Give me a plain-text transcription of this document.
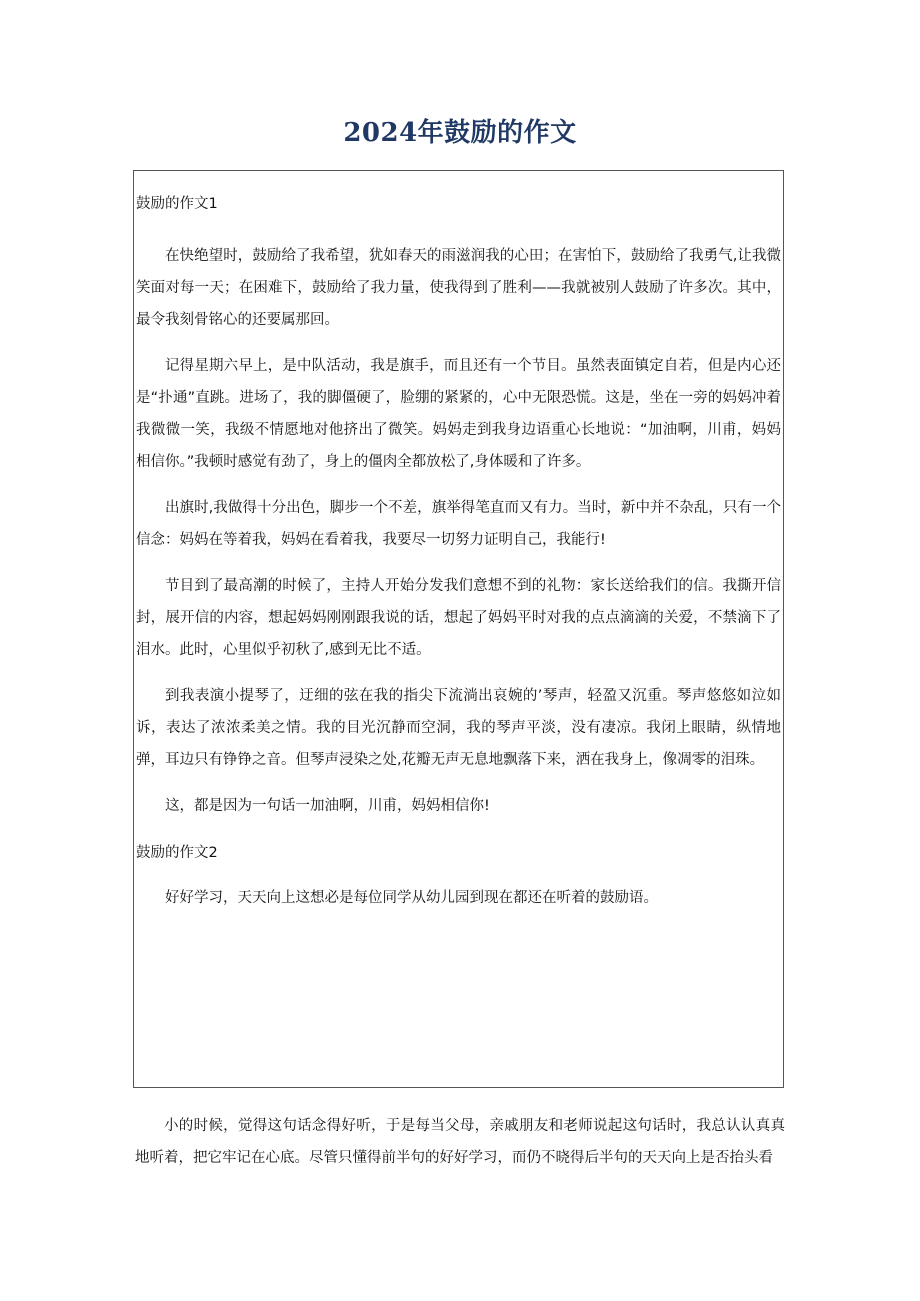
2024年鼓励的作文

鼓励的作文1

在快绝望时，鼓励给了我希望，犹如春天的雨滋润我的心田；在害怕下，鼓励给了我勇气,让我微笑面对每一天；在困难下，鼓励给了我力量，使我得到了胜利——我就被别人鼓励了许多次。其中，最令我刻骨铭心的还要属那回。

记得星期六早上，是中队活动，我是旗手，而且还有一个节目。虽然表面镇定自若，但是内心还是“扑通”直跳。进场了，我的脚僵硬了，脸绷的紧紧的，心中无限恐慌。这是，坐在一旁的妈妈冲着我微微一笑，我级不情愿地对他挤出了微笑。妈妈走到我身边语重心长地说：“加油啊，川甫，妈妈相信你。”我顿时感觉有劲了，身上的僵肉全都放松了,身体暖和了许多。

出旗时,我做得十分出色，脚步一个不差，旗举得笔直而又有力。当时，新中并不杂乱，只有一个信念：妈妈在等着我，妈妈在看着我，我要尽一切努力证明自己，我能行!

节目到了最高潮的时候了，主持人开始分发我们意想不到的礼物：家长送给我们的信。我撕开信封，展开信的内容，想起妈妈刚刚跟我说的话，想起了妈妈平时对我的点点滴滴的关爱，不禁滴下了泪水。此时，心里似乎初秋了,感到无比不适。

到我表演小提琴了，迂细的弦在我的指尖下流淌出哀婉的’琴声，轻盈又沉重。琴声悠悠如泣如诉，表达了浓浓柔美之情。我的目光沉静而空洞，我的琴声平淡，没有凄凉。我闭上眼睛，纵情地弹，耳边只有铮铮之音。但琴声浸染之处,花瓣无声无息地飘落下来，洒在我身上，像凋零的泪珠。

这，都是因为一句话一加油啊，川甫，妈妈相信你!

鼓励的作文2

好好学习，天天向上这想必是每位同学从幼儿园到现在都还在听着的鼓励语。

小的时候，觉得这句话念得好听，于是每当父母，亲戚朋友和老师说起这句话时，我总认认真真地听着，把它牢记在心底。尽管只懂得前半句的好好学习，而仍不晓得后半句的天天向上是否抬头看
